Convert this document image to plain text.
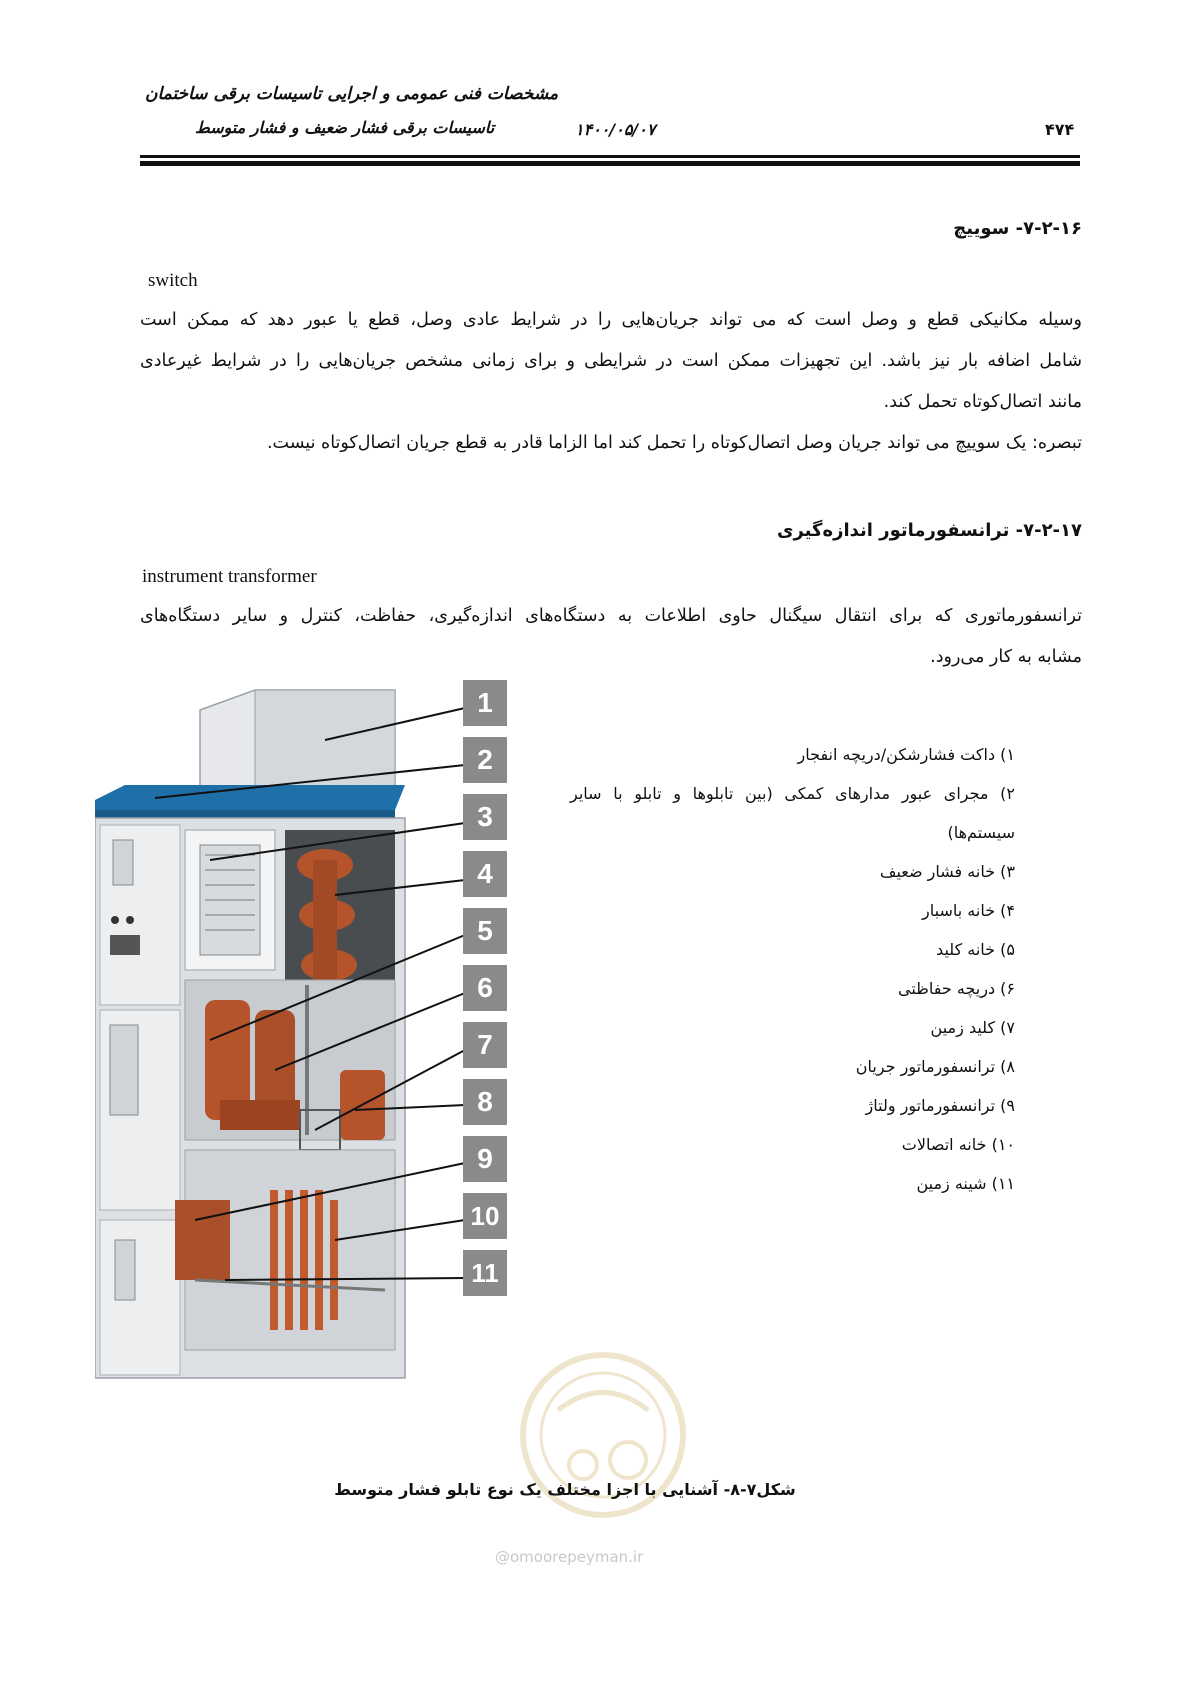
مشخصات فنی عمومی و اجرایی تاسیسات برقی ساختمان
تاسیسات برقی فشار ضعیف و فشار متوسط	۱۴۰۰/۰۵/۰۷	۴۷۴
۷-۲-۱۶- سوییچ
switch
وسیله مکانیکی قطع و وصل است که می تواند جریان‌هایی را در شرایط عادی وصل، قطع یا عبور دهد که ممکن است
شامل اضافه بار نیز باشد. این تجهیزات ممکن است در شرایطی و برای زمانی مشخص جریان‌هایی را در شرایط غیرعادی
مانند اتصال‌کوتاه تحمل کند.
تبصره: یک سوییچ می تواند جریان وصل اتصال‌کوتاه را تحمل کند اما الزاما قادر به قطع جریان اتصال‌کوتاه نیست.
۷-۲-۱۷- ترانسفورماتور اندازه‌گیری
instrument transformer
ترانسفورماتوری که برای انتقال سیگنال حاوی اطلاعات به دستگاه‌های اندازه‌گیری، حفاظت، کنترل و سایر دستگاه‌های
مشابه به کار می‌رود.
1
2
3
4
5
6
7
8
9
10
11
۱) داکت فشارشکن/دریچه انفجار
۲) مجرای عبور مدارهای کمکی (بین تابلوها و تابلو با سایر
سیستم‌ها)
۳) خانه فشار ضعیف
۴) خانه باسبار
۵) خانه کلید
۶) دریچه حفاظتی
۷) کلید زمین
۸) ترانسفورماتور جریان
۹) ترانسفورماتور ولتاژ
۱۰) خانه اتصالات
۱۱) شینه زمین
شکل۷-۸- آشنایی با اجزا مختلف یک نوع تابلو فشار متوسط
@omoorepeyman.ir
